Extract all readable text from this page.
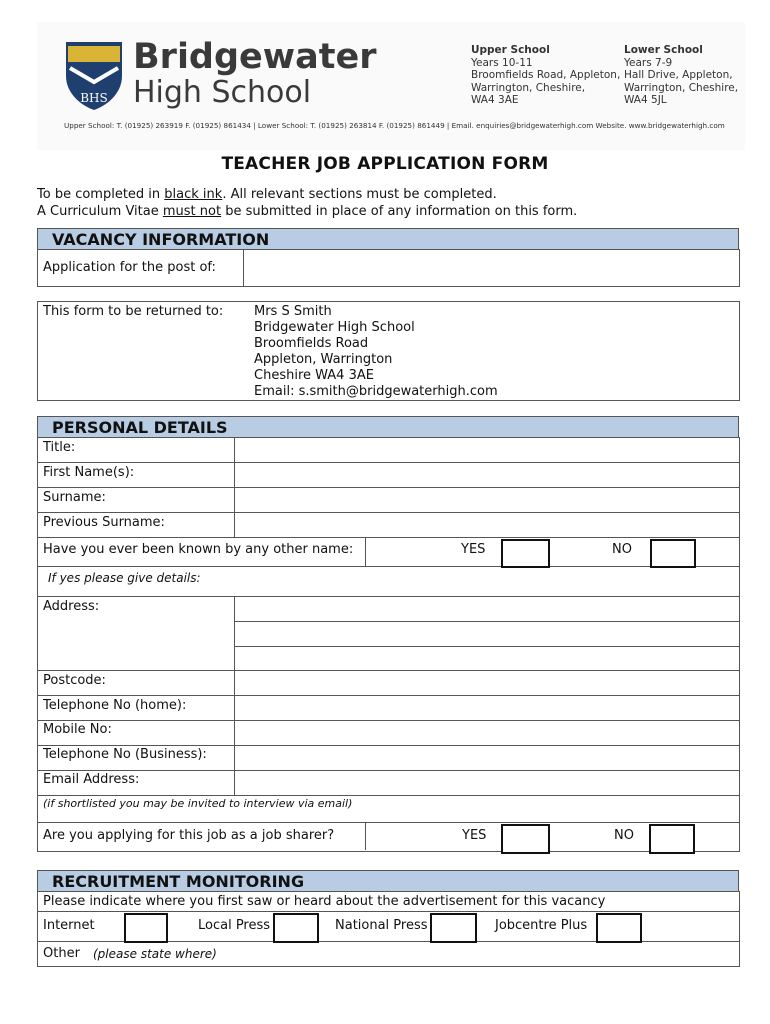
BHS
Bridgewater
High School
Upper School
Years 10-11
Broomfields Road, Appleton,
Warrington, Cheshire,
WA4 3AE
Lower School
Years 7-9
Hall Drive, Appleton,
Warrington, Cheshire,
WA4 5JL
Upper School: T. (01925) 263919 F. (01925) 861434 | Lower School: T. (01925) 263814 F. (01925) 861449 | Email. enquiries@bridgewaterhigh.com Website. www.bridgewaterhigh.com
TEACHER JOB APPLICATION FORM
To be completed in black ink. All relevant sections must be completed.
A Curriculum Vitae must not be submitted in place of any information on this form.
VACANCY INFORMATION
Application for the post of:
This form to be returned to: Mrs S Smith
Bridgewater High School
Broomfields Road
Appleton, Warrington
Cheshire WA4 3AE
Email: s.smith@bridgewaterhigh.com
PERSONAL DETAILS
Title:
First Name(s):
Surname:
Previous Surname:
Have you ever been known by any other name:	YES	NO
If yes please give details:
Address:
Postcode:
Telephone No (home):
Mobile No:
Telephone No (Business):
Email Address:
(if shortlisted you may be invited to interview via email)
Are you applying for this job as a job sharer?	YES	NO
RECRUITMENT MONITORING
Please indicate where you first saw or heard about the advertisement for this vacancy
Internet	Local Press	National Press	Jobcentre Plus
Other (please state where)
